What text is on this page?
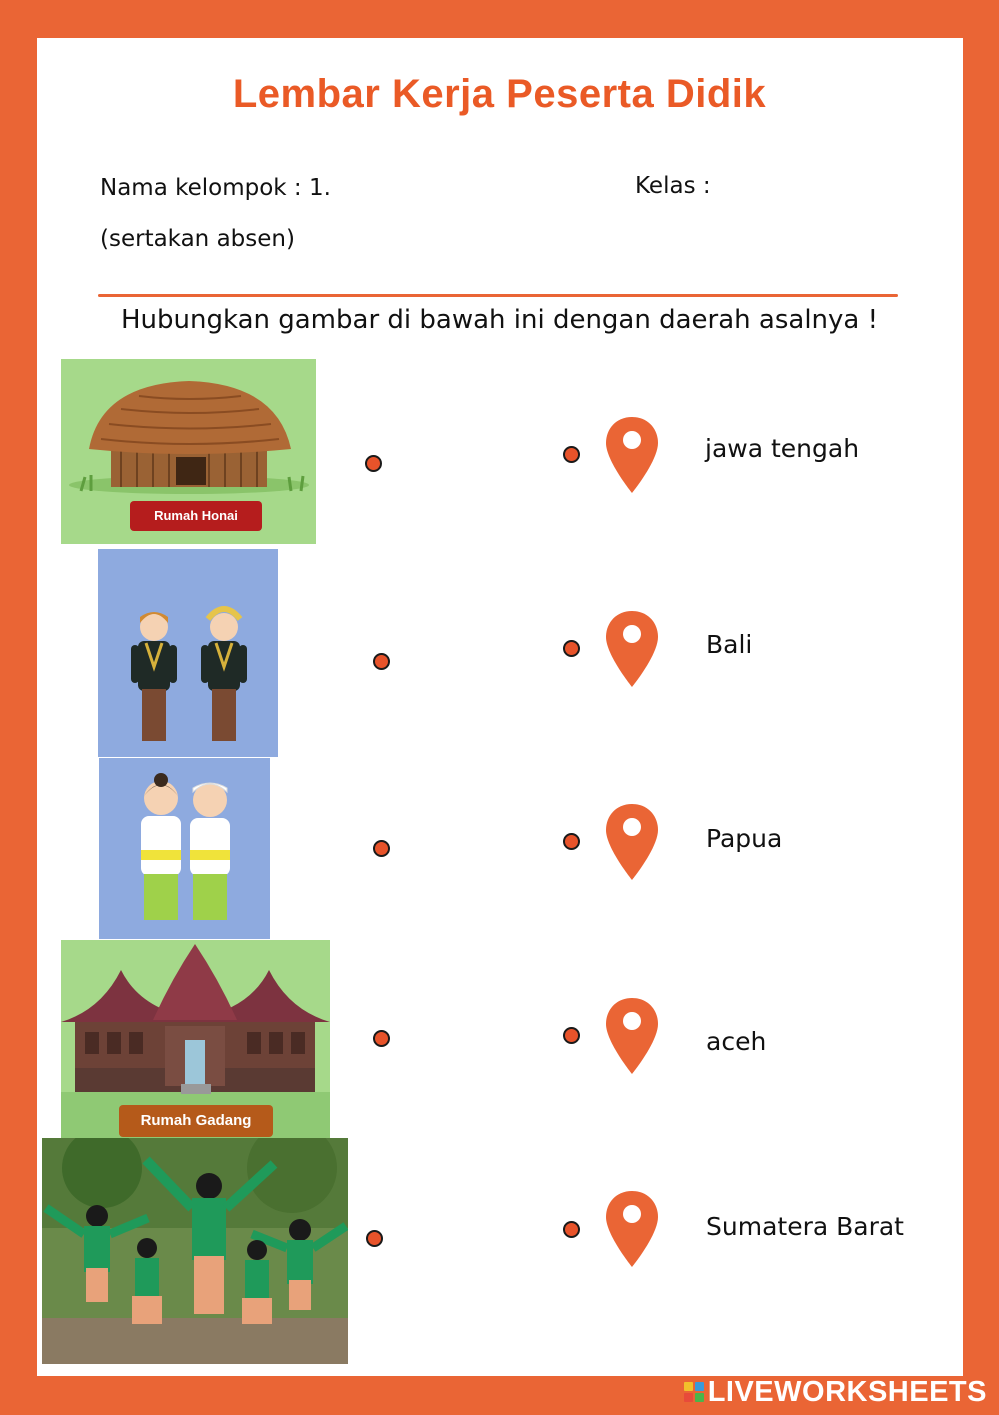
Lembar Kerja Peserta Didik
Nama kelompok : 1.
(sertakan absen)
Kelas :
Hubungkan gambar di bawah ini dengan daerah asalnya !
Rumah Honai
Rumah Gadang
jawa tengah
Bali
Papua
aceh
Sumatera Barat
LIVEWORKSHEETS
